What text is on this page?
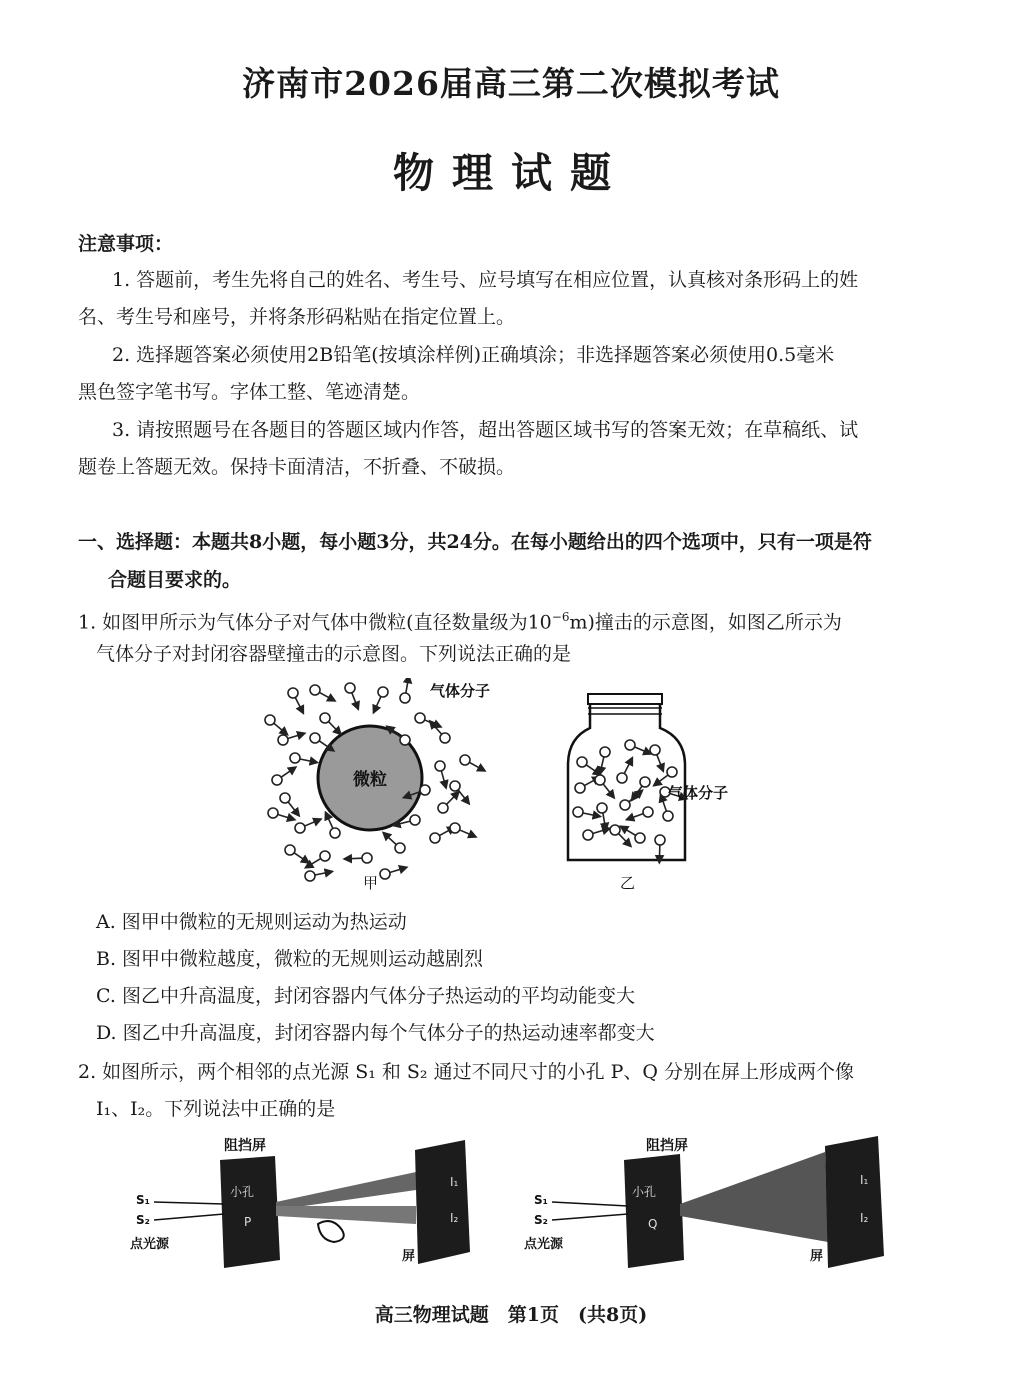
济南市2026届高三第二次模拟考试
物理试题
注意事项：
1. 答题前，考生先将自己的姓名、考生号、应号填写在相应位置，认真核对条形码上的姓
名、考生号和座号，并将条形码粘贴在指定位置上。
2. 选择题答案必须使用2B铅笔(按填涂样例)正确填涂；非选择题答案必须使用0.5毫米
黑色签字笔书写。字体工整、笔迹清楚。
3. 请按照题号在各题目的答题区域内作答，超出答题区域书写的答案无效；在草稿纸、试
题卷上答题无效。保持卡面清洁，不折叠、不破损。
一、选择题：本题共8小题，每小题3分，共24分。在每小题给出的四个选项中，只有一项是符
合题目要求的。
1. 如图甲所示为气体分子对气体中微粒(直径数量级为$10^{-6}m$)撞击的示意图，如图乙所示为
气体分子对封闭容器壁撞击的示意图。下列说法正确的是
微粒
气体分子
甲
气体分子
乙
A. 图甲中微粒的无规则运动为热运动
B. 图甲中微粒越度，微粒的无规则运动越剧烈
C. 图乙中升高温度，封闭容器内气体分子热运动的平均动能变大
D. 图乙中升高温度，封闭容器内每个气体分子的热运动速率都变大
2. 如图所示，两个相邻的点光源 S₁ 和 S₂ 通过不同尺寸的小孔 P、Q 分别在屏上形成两个像
I₁、I₂。下列说法中正确的是
阻挡屏
小孔
P
S₁
S₂
点光源
I₁
I₂
屏
阻挡屏
小孔
Q
S₁
S₂
点光源
I₁
I₂
屏
高三物理试题　第1页　(共8页)
